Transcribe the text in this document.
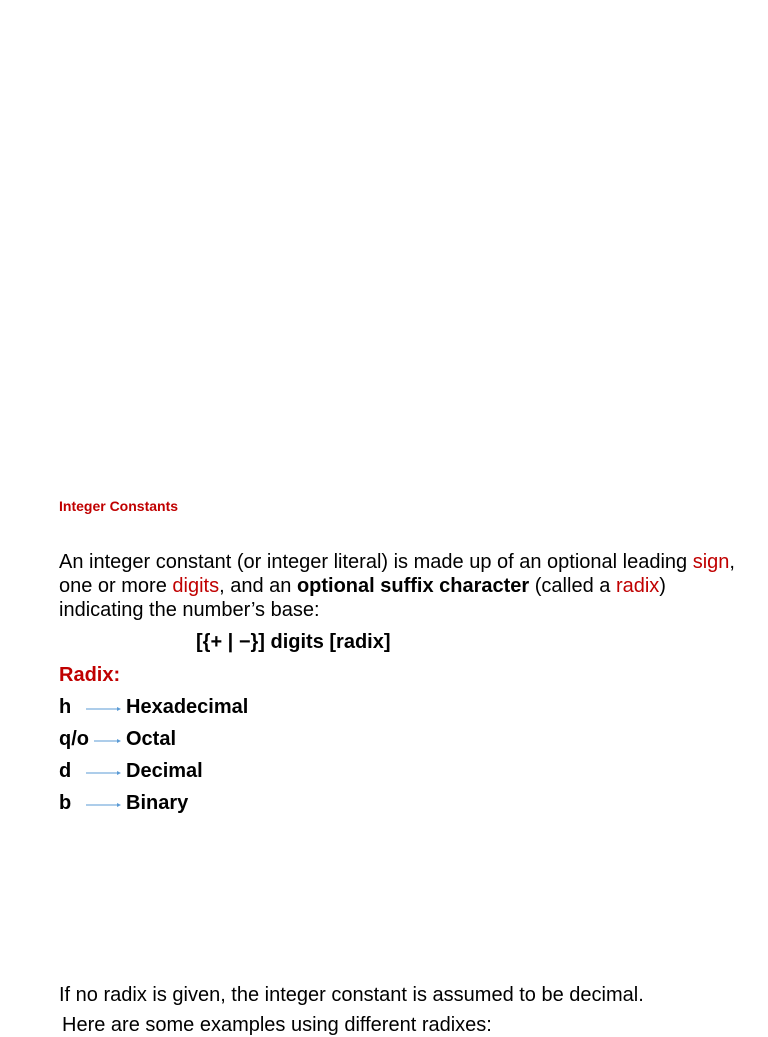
Integer Constants
An integer constant (or integer literal) is made up of an optional leading sign, one or more digits, and an optional suffix character (called a radix) indicating the number’s base:
[{+ | −}] digits [radix]
Radix:
h	Hexadecimal
q/o Octal
d	Decimal
b	Binary
If no radix is given, the integer constant is assumed to be decimal.
Here are some examples using different radixes:
